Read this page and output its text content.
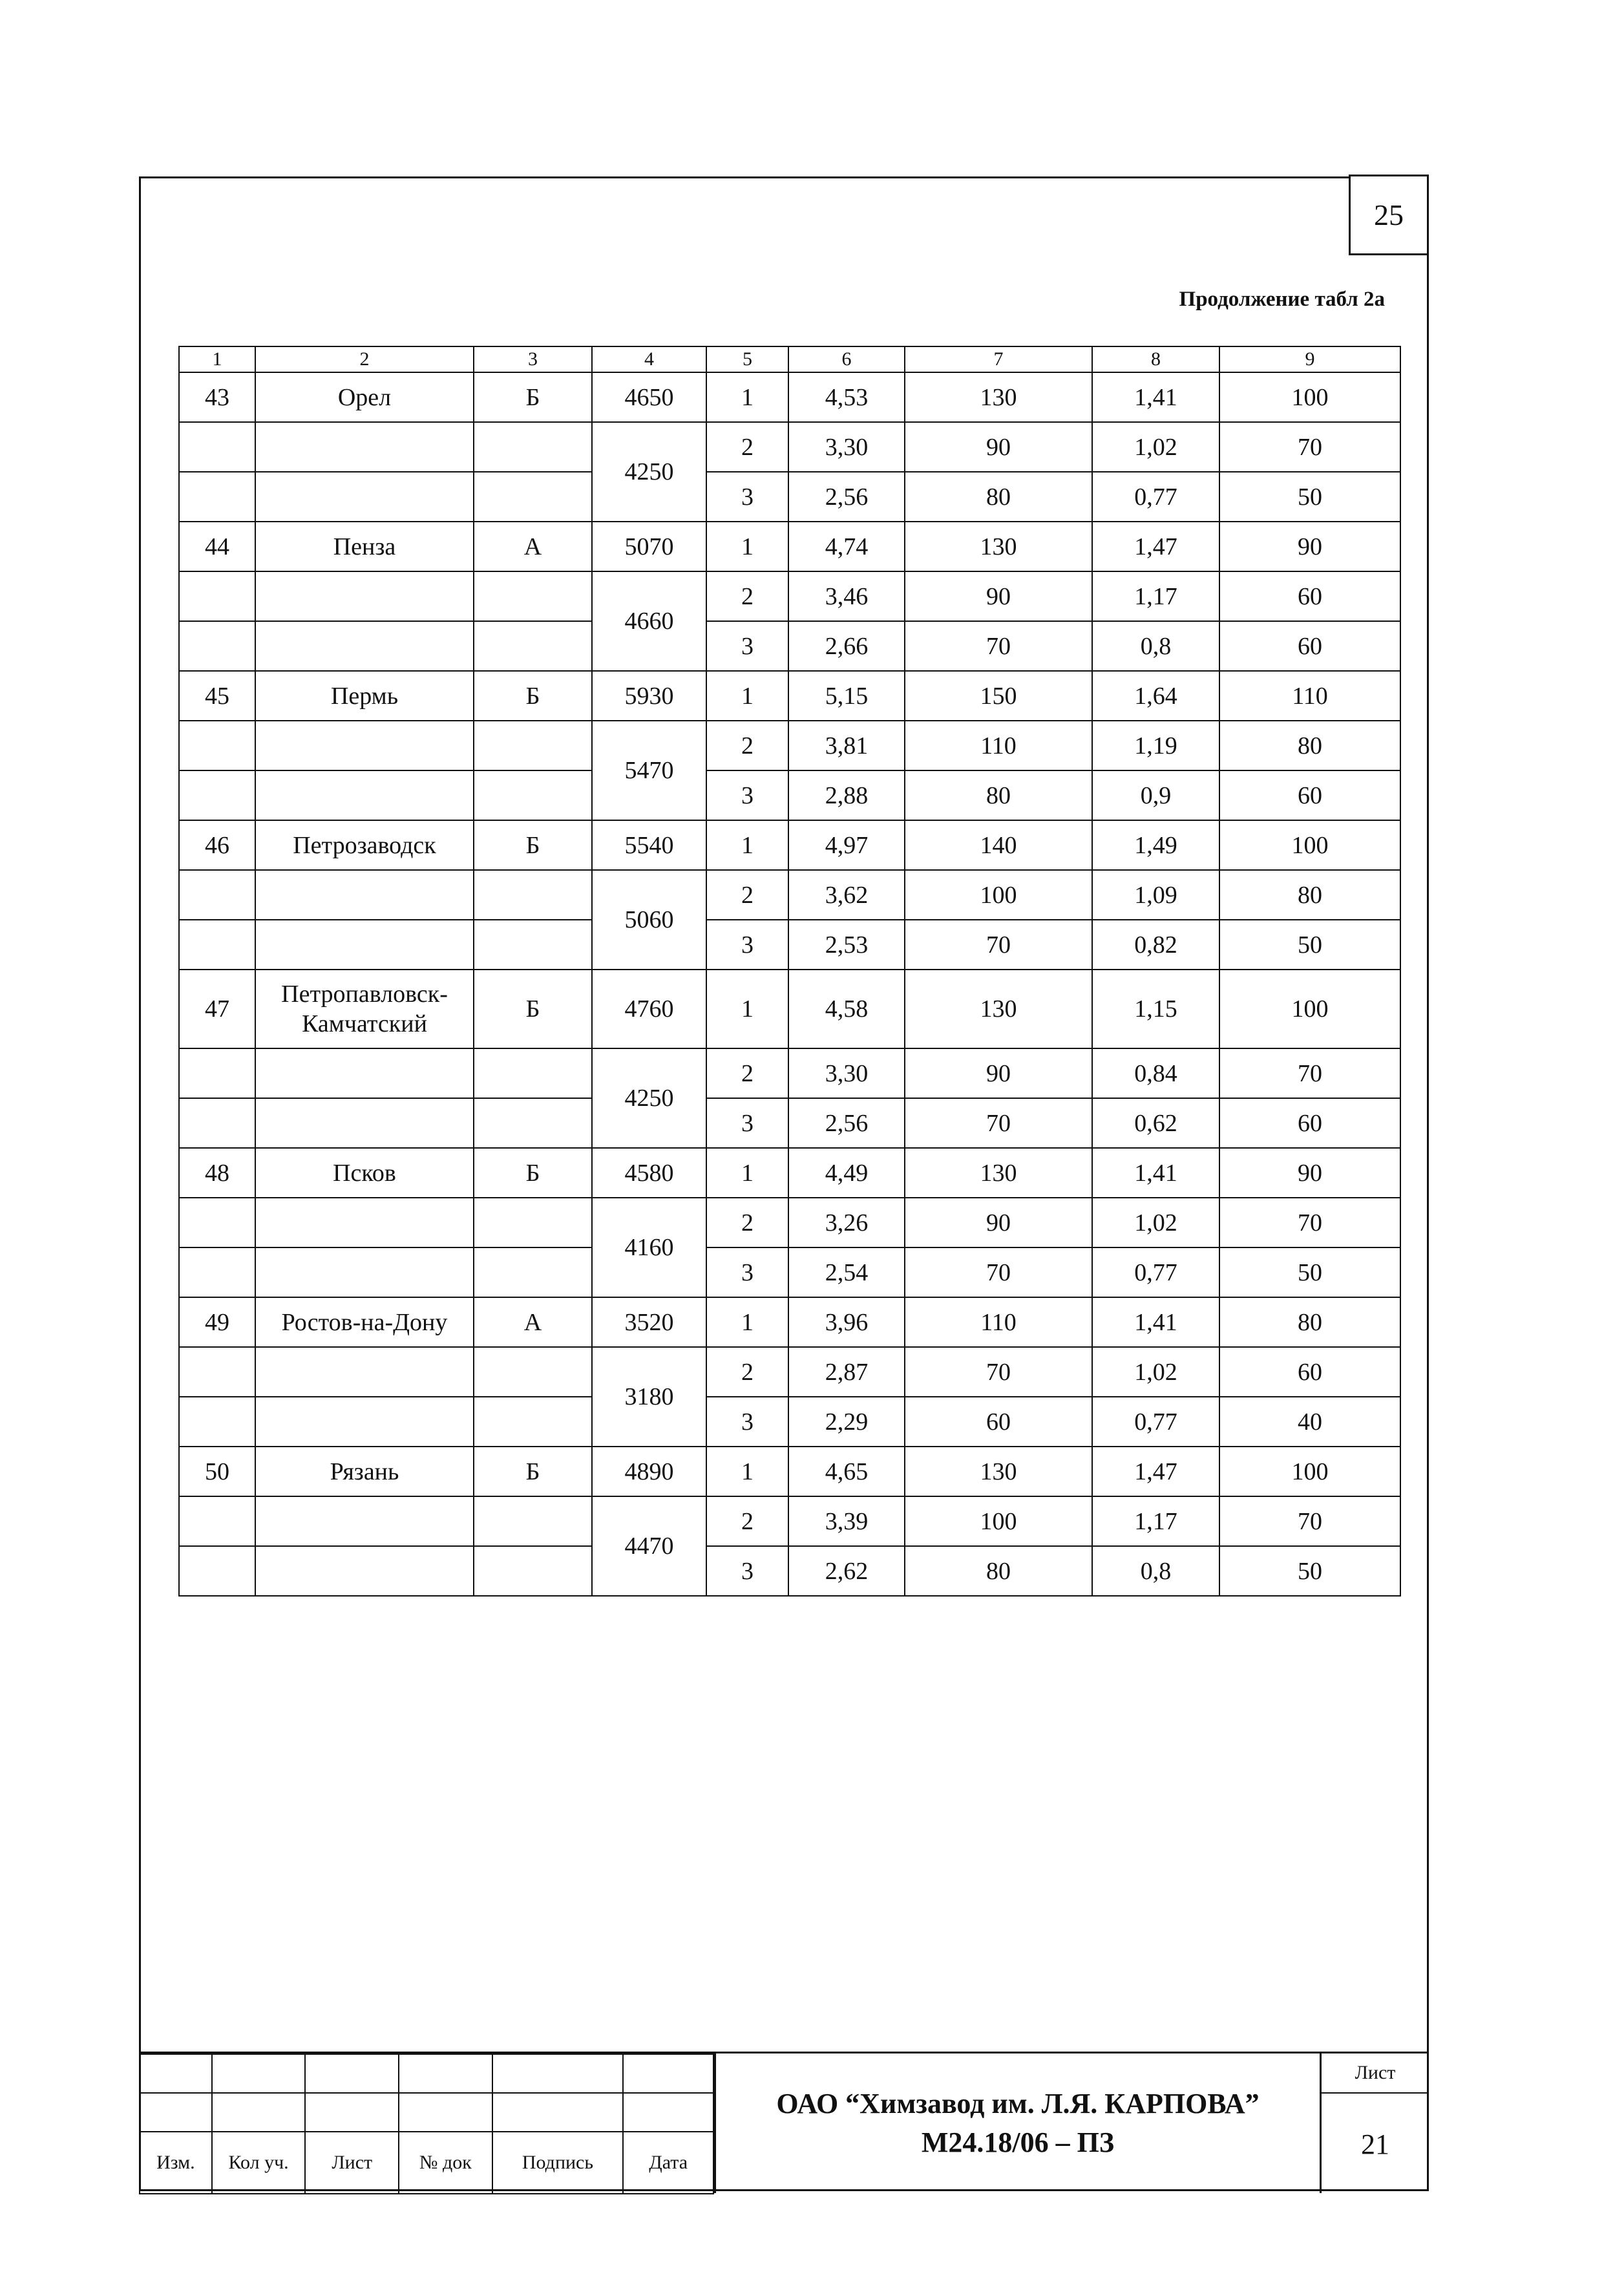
25
Продолжение табл 2а
1	2	3	4	5	6	7	8	9
43	Орел	Б	4650	1	4,53	130	1,41	100
			4250	2	3,30	90	1,02	70
				3	2,56	80	0,77	50
44	Пенза	А	5070	1	4,74	130	1,47	90
			4660	2	3,46	90	1,17	60
				3	2,66	70	0,8	60
45	Пермь	Б	5930	1	5,15	150	1,64	110
			5470	2	3,81	110	1,19	80
				3	2,88	80	0,9	60
46	Петрозаводск	Б	5540	1	4,97	140	1,49	100
			5060	2	3,62	100	1,09	80
				3	2,53	70	0,82	50
47	Петропавловск-
Камчатский	Б	4760	1	4,58	130	1,15	100
			4250	2	3,30	90	0,84	70
				3	2,56	70	0,62	60
48	Псков	Б	4580	1	4,49	130	1,41	90
			4160	2	3,26	90	1,02	70
				3	2,54	70	0,77	50
49	Ростов-на-Дону	А	3520	1	3,96	110	1,41	80
			3180	2	2,87	70	1,02	60
				3	2,29	60	0,77	40
50	Рязань	Б	4890	1	4,65	130	1,47	100
			4470	2	3,39	100	1,17	70
				3	2,62	80	0,8	50

Изм.	Кол уч.	Лист	№ док	Подпись	Дата
ОАО “Химзавод им. Л.Я. КАРПОВА”
М24.18/06 – ПЗ
Лист
21
